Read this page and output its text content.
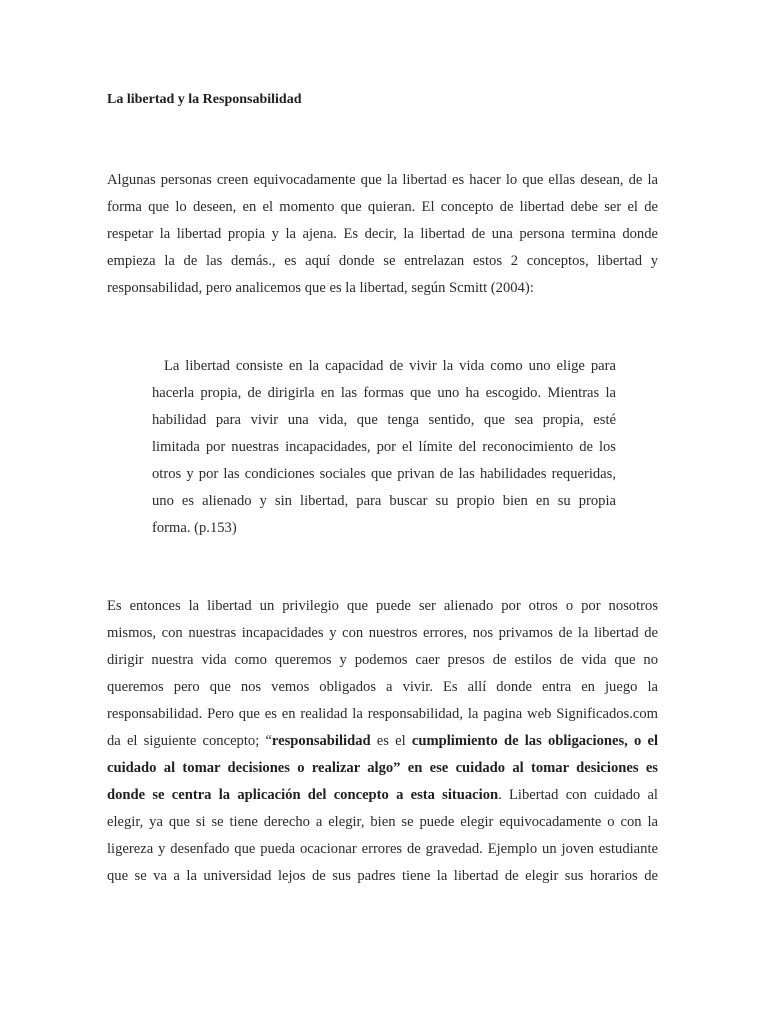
La libertad y la Responsabilidad

Algunas personas creen equivocadamente que la libertad es hacer lo que ellas desean, de la
forma que lo deseen, en el momento que quieran. El concepto de libertad debe ser el de
respetar la libertad propia y la ajena. Es decir, la libertad de una persona termina donde
empieza la de las demás., es aquí donde se entrelazan estos 2 conceptos, libertad y
responsabilidad, pero analicemos que es la libertad, según Scmitt (2004):

La libertad consiste en la capacidad de vivir la vida como uno elige para
hacerla propia, de dirigirla en las formas que uno ha escogido. Mientras la
habilidad para vivir una vida, que tenga sentido, que sea propia, esté
limitada por nuestras incapacidades, por el límite del reconocimiento de los
otros y por las condiciones sociales que privan de las habilidades requeridas,
uno es alienado y sin libertad, para buscar su propio bien en su propia
forma. (p.153)

Es entonces la libertad un privilegio que puede ser alienado por otros o por nosotros
mismos, con nuestras incapacidades y con nuestros errores, nos privamos de la libertad de
dirigir nuestra vida como queremos y podemos caer presos de estilos de vida que no
queremos pero que nos vemos obligados a vivir. Es allí donde entra en juego la
responsabilidad. Pero que es en realidad la responsabilidad, la pagina web Significados.com
da el siguiente concepto; “responsabilidad es el cumplimiento de las obligaciones, o el
cuidado al tomar decisiones o realizar algo” en ese cuidado al tomar desiciones es
donde se centra la aplicación del concepto a esta situacion. Libertad con cuidado al
elegir, ya que si se tiene derecho a elegir, bien se puede elegir equivocadamente o con la
ligereza y desenfado que pueda ocacionar errores de gravedad. Ejemplo un joven estudiante
que se va a la universidad lejos de sus padres tiene la libertad de elegir sus horarios de
